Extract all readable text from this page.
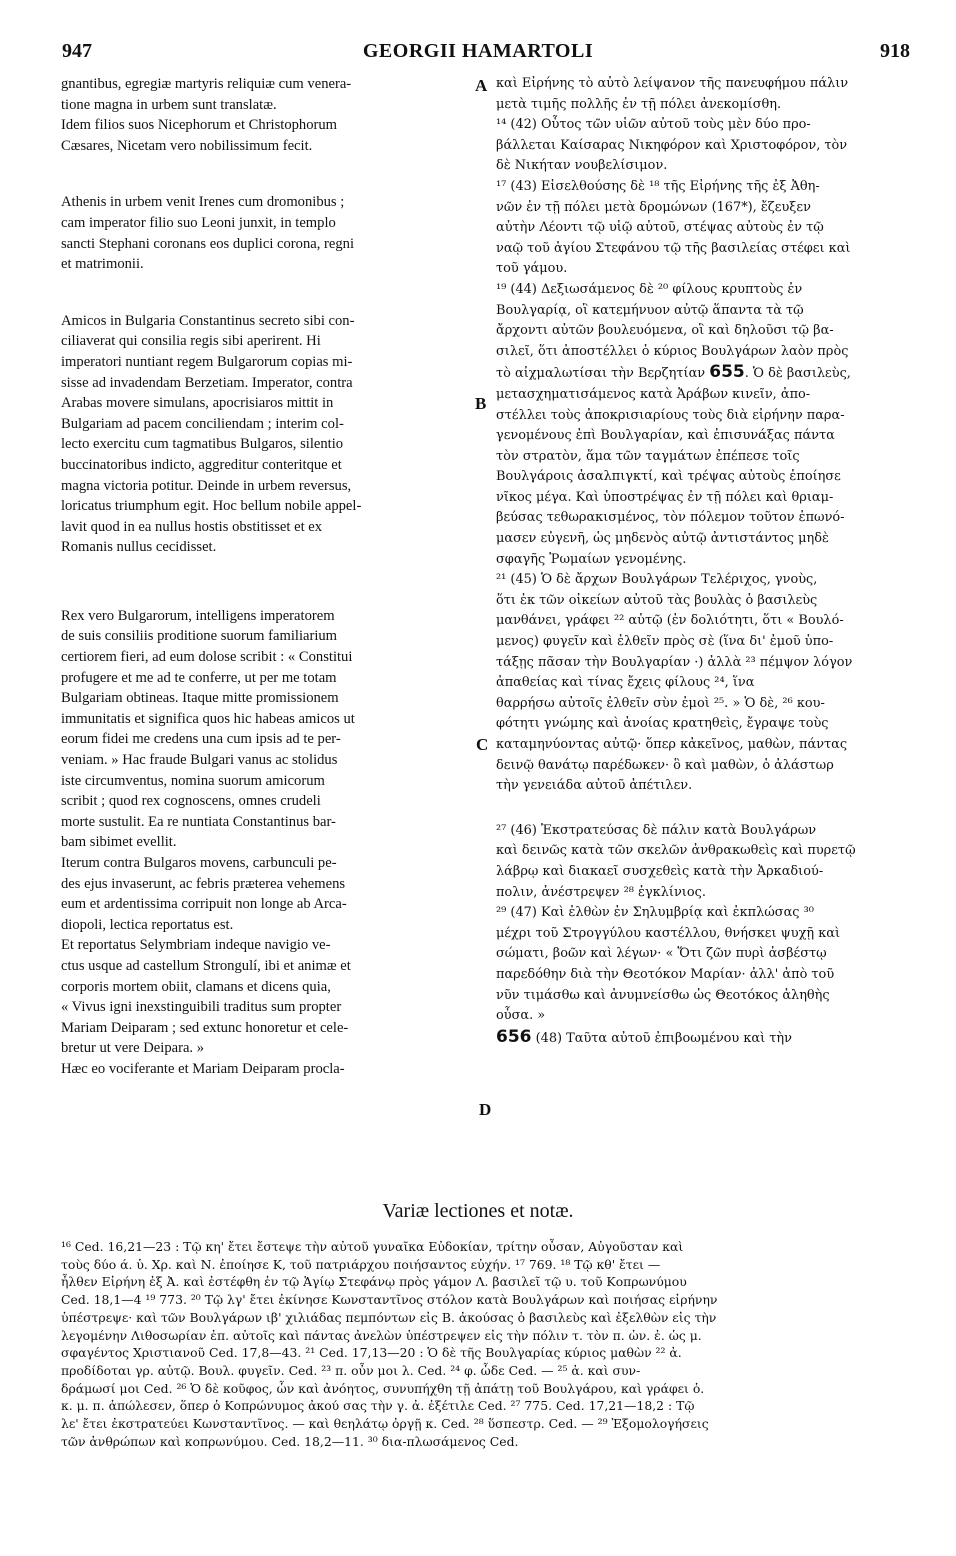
947	GEORGII HAMARTOLI	918
A
B
C
D
gnantibus, egregiæ martyris reliquiæ cum venera-
tione magna in urbem sunt translatæ.
Idem filios suos Nicephorum et Christophorum
Cæsares, Nicetam vero nobilissimum fecit.
Athenis in urbem venit Irenes cum dromonibus ;
cam imperator filio suo Leoni junxit, in templo
sancti Stephani coronans eos duplici corona, regni
et matrimonii.
Amicos in Bulgaria Constantinus secreto sibi con-
ciliaverat qui consilia regis sibi aperirent. Hi
imperatori nuntiant regem Bulgarorum copias mi-
sisse ad invadendam Berzetiam. Imperator, contra
Arabas movere simulans, apocrisiaros mittit in
Bulgariam ad pacem conciliendam ; interim col-
lecto exercitu cum tagmatibus Bulgaros, silentio
buccinatoribus indicto, aggreditur conteritque et
magna victoria potitur. Deinde in urbem reversus,
loricatus triumphum egit. Hoc bellum nobile appel-
lavit quod in ea nullus hostis obstitisset et ex
Romanis nullus cecidisset.
Rex vero Bulgarorum, intelligens imperatorem
de suis consiliis proditione suorum familiarium
certiorem fieri, ad eum dolose scribit : « Constitui
profugere et me ad te conferre, ut per me totam
Bulgariam obtineas. Itaque mitte promissionem
immunitatis et significa quos hic habeas amicos ut
eorum fidei me credens una cum ipsis ad te per-
veniam. » Hac fraude Bulgari vanus ac stolidus
iste circumventus, nomina suorum amicorum
scribit ; quod rex cognoscens, omnes crudeli
morte sustulit. Ea re nuntiata Constantinus bar-
bam sibimet evellit.
Iterum contra Bulgaros movens, carbunculi pe-
des ejus invaserunt, ac febris præterea vehemens
eum et ardentissima corripuit non longe ab Arca-
diopoli, lectica reportatus est.
Et reportatus Selymbriam indeque navigio ve-
ctus usque ad castellum Strongulí, ibi et animæ et
corporis mortem obiit, clamans et dicens quia,
« Vivus igni inexstinguibili traditus sum propter
Mariam Deiparam ; sed extunc honoretur et cele-
bretur ut vere Deipara. »
Hæc eo vociferante et Mariam Deiparam procla-
καὶ Εἰρήνης τὸ αὐτὸ λείψανον τῆς πανευφήμου πάλιν
μετὰ τιμῆς πολλῆς ἐν τῇ πόλει ἀνεκομίσθη.
¹⁴ (42) Οὗτος τῶν υἱῶν αὐτοῦ τοὺς μὲν δύο προ-
βάλλεται Καίσαρας Νικηφόρον καὶ Χριστοφόρον, τὸν
δὲ Νικήταν νουβελίσιμον.
¹⁷ (43) Εἰσελθούσης δὲ ¹⁸ τῆς Εἰρήνης τῆς ἐξ Ἀθη-
νῶν ἐν τῇ πόλει μετὰ δρομώνων (167*), ἔζευξεν
αὐτὴν Λέοντι τῷ υἱῷ αὐτοῦ, στέψας αὐτοὺς ἐν τῷ
ναῷ τοῦ ἁγίου Στεφάνου τῷ τῆς βασιλείας στέφει καὶ
τοῦ γάμου.
¹⁹ (44) Δεξιωσάμενος δὲ ²⁰ φίλους κρυπτοὺς ἐν
Βουλγαρίᾳ, οἳ κατεμήνυον αὐτῷ ἅπαντα τὰ τῷ
ἄρχοντι αὐτῶν βουλευόμενα, οἳ καὶ δηλοῦσι τῷ βα-
σιλεῖ, ὅτι ἀποστέλλει ὁ κύριος Βουλγάρων λαὸν πρὸς
τὸ αἰχμαλωτίσαι τὴν Βερζητίαν 655. Ὁ δὲ βασιλεὺς,
μετασχηματισάμενος κατὰ Ἀράβων κινεῖν, ἀπο-
στέλλει τοὺς ἀποκρισιαρίους τοὺς διὰ εἰρήνην παρα-
γενομένους ἐπὶ Βουλγαρίαν, καὶ ἐπισυνάξας πάντα
τὸν στρατὸν, ἅμα τῶν ταγμάτων ἐπέπεσε τοῖς
Βουλγάροις ἀσαλπιγκτί, καὶ τρέψας αὐτοὺς ἐποίησε
νῖκος μέγα. Καὶ ὑποστρέψας ἐν τῇ πόλει καὶ θριαμ-
βεύσας τεθωρακισμένος, τὸν πόλεμον τοῦτον ἐπωνό-
μασεν εὐγενῆ, ὡς μηδενὸς αὐτῷ ἀντιστάντος μηδὲ
σφαγῆς Ῥωμαίων γενομένης.
²¹ (45) Ὁ δὲ ἄρχων Βουλγάρων Τελέριχος, γνοὺς,
ὅτι ἐκ τῶν οἰκείων αὐτοῦ τὰς βουλὰς ὁ βασιλεὺς
μανθάνει, γράφει ²² αὐτῷ (ἐν δολιότητι, ὅτι « Βουλό-
μενος) φυγεῖν καὶ ἐλθεῖν πρὸς σὲ (ἵνα δι' ἐμοῦ ὑπο-
τάξῃς πᾶσαν τὴν Βουλγαρίαν ·) ἀλλὰ ²³ πέμψον λόγον
ἀπαθείας καὶ τίνας ἔχεις φίλους ²⁴, ἵνα
θαρρήσω αὐτοῖς ἐλθεῖν σὺν ἐμοὶ ²⁵. » Ὁ δὲ, ²⁶ κου-
φότητι γνώμης καὶ ἀνοίας κρατηθεὶς, ἔγραψε τοὺς
καταμηνύοντας αὐτῷ· ὅπερ κἀκεῖνος, μαθὼν, πάντας
δεινῷ θανάτῳ παρέδωκεν· ὃ καὶ μαθὼν, ὁ ἀλάστωρ
τὴν γενειάδα αὐτοῦ ἀπέτιλεν.
²⁷ (46) Ἐκστρατεύσας δὲ πάλιν κατὰ Βουλγάρων
καὶ δεινῶς κατὰ τῶν σκελῶν ἀνθρακωθεὶς καὶ πυρετῷ
λάβρῳ καὶ διακαεῖ συσχεθεὶς κατὰ τὴν Ἀρκαδιού-
πολιν, ἀνέστρεψεν ²⁸ ἐγκλίνιος.
²⁹ (47) Καὶ ἐλθὼν ἐν Σηλυμβρίᾳ καὶ ἐκπλώσας ³⁰
μέχρι τοῦ Στρογγύλου καστέλλου, θνήσκει ψυχῇ καὶ
σώματι, βοῶν καὶ λέγων· « Ὅτι ζῶν πυρὶ ἀσβέστῳ
παρεδόθην διὰ τὴν Θεοτόκον Μαρίαν· ἀλλ' ἀπὸ τοῦ
νῦν τιμάσθω καὶ ἀνυμνείσθω ὡς Θεοτόκος ἀληθὴς
οὖσα. »
656 (48) Ταῦτα αὐτοῦ ἐπιβοωμένου καὶ τὴν
Variæ lectiones et notæ.
¹⁶ Ced. 16,21—23 : Τῷ κη' ἔτει ἔστεψε τὴν αὐτοῦ γυναῖκα Εὐδοκίαν, τρίτην οὖσαν, Αὐγοῦσταν καὶ
τοὺς δύο ά. ὑ. Χρ. καὶ Ν. ἐποίησε Κ, τοῦ πατριάρχου ποιήσαντος εὐχήν. ¹⁷ 769. ¹⁸ Τῷ κθ' ἔτει —
ἦλθεν Εἰρήνη ἐξ Ἀ. καὶ ἐστέφθη ἐν τῷ Ἁγίῳ Στεφάνῳ πρὸς γάμον Λ. βασιλεῖ τῷ υ. τοῦ Κοπρωνύμου
Ced. 18,1—4 ¹⁹ 773. ²⁰ Τῷ λγ' ἔτει ἐκίνησε Κωνσταντῖνος στόλον κατὰ Βουλγάρων καὶ ποιήσας εἰρήνην
ὑπέστρεψε· καὶ τῶν Βουλγάρων ιβ' χιλιάδας πεμπόντων εἰς Β. ἀκούσας ὁ βασιλεὺς καὶ ἐξελθὼν εἰς τὴν
λεγομένην Λιθοσωρίαν ἐπ. αὐτοῖς καὶ πάντας ἀνελὼν ὑπέστρεψεν εἰς τὴν πόλιν τ. τὸν π. ὠν. ἐ. ὡς μ.
σφαγέντος Χριστιανοῦ Ced. 17,8—43. ²¹ Ced. 17,13—20 : Ὁ δὲ τῆς Βουλγαρίας κύριος μαθὼν ²² ἀ.
προδίδοται γρ. αὐτῷ. Βουλ. φυγεῖν. Ced. ²³ π. οὖν μοι λ. Ced. ²⁴ φ. ὧδε Ced. — ²⁵ ἀ. καὶ συν-
δράμωσί μοι Ced. ²⁶ Ὁ δὲ κοῦφος, ὧν καὶ ἀνόητος, συνυπήχθη τῇ ἀπάτῃ τοῦ Βουλγάρου, καὶ γράφει ὁ.
κ. μ. π. ἀπώλεσεν, ὅπερ ὁ Κοπρώνυμος ἀκού σας τὴν γ. ἀ. ἐξέτιλε Ced. ²⁷ 775. Ced. 17,21—18,2 : Τῷ
λε' ἔτει ἐκστρατεύει Κωνσταντῖνος. — καὶ θεηλάτῳ ὀργῇ κ. Ced. ²⁸ ὕσπεστρ. Ced. — ²⁹ Ἐξομολογήσεις
τῶν ἀνθρώπων καὶ κοπρωνύμου. Ced. 18,2—11. ³⁰ δια-πλωσάμενος Ced.
